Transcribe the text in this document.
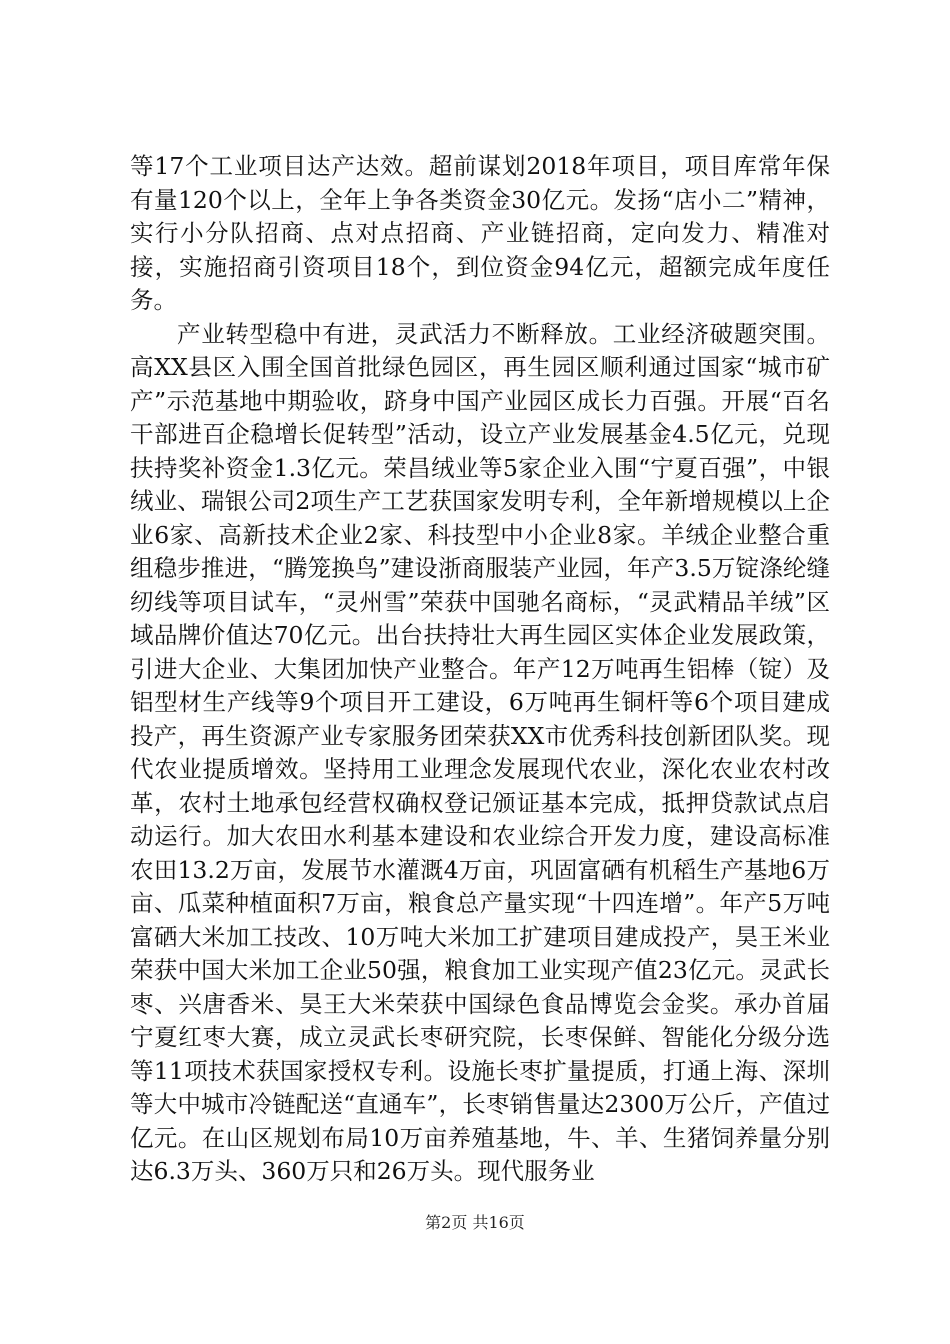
等17个工业项目达产达效。超前谋划2018年项目，项目库常年保有量120个以上，全年上争各类资金30亿元。发扬“店小二”精神，实行小分队招商、点对点招商、产业链招商，定向发力、精准对接，实施招商引资项目18个，到位资金94亿元，超额完成年度任务。

产业转型稳中有进，灵武活力不断释放。工业经济破题突围。高XX县区入围全国首批绿色园区，再生园区顺利通过国家“城市矿产”示范基地中期验收，跻身中国产业园区成长力百强。开展“百名干部进百企稳增长促转型”活动，设立产业发展基金4.5亿元，兑现扶持奖补资金1.3亿元。荣昌绒业等5家企业入围“宁夏百强”，中银绒业、瑞银公司2项生产工艺获国家发明专利，全年新增规模以上企业6家、高新技术企业2家、科技型中小企业8家。羊绒企业整合重组稳步推进，“腾笼换鸟”建设浙商服装产业园，年产3.5万锭涤纶缝纫线等项目试车，“灵州雪”荣获中国驰名商标，“灵武精品羊绒”区域品牌价值达70亿元。出台扶持壮大再生园区实体企业发展政策，引进大企业、大集团加快产业整合。年产12万吨再生铝棒（锭）及铝型材生产线等9个项目开工建设，6万吨再生铜杆等6个项目建成投产，再生资源产业专家服务团荣获XX市优秀科技创新团队奖。现代农业提质增效。坚持用工业理念发展现代农业，深化农业农村改革，农村土地承包经营权确权登记颁证基本完成，抵押贷款试点启动运行。加大农田水利基本建设和农业综合开发力度，建设高标准农田13.2万亩，发展节水灌溉4万亩，巩固富硒有机稻生产基地6万亩、瓜菜种植面积7万亩，粮食总产量实现“十四连增”。年产5万吨富硒大米加工技改、10万吨大米加工扩建项目建成投产，昊王米业荣获中国大米加工企业50强，粮食加工业实现产值23亿元。灵武长枣、兴唐香米、昊王大米荣获中国绿色食品博览会金奖。承办首届宁夏红枣大赛，成立灵武长枣研究院，长枣保鲜、智能化分级分选等11项技术获国家授权专利。设施长枣扩量提质，打通上海、深圳等大中城市冷链配送“直通车”，长枣销售量达2300万公斤，产值过亿元。在山区规划布局10万亩养殖基地，牛、羊、生猪饲养量分别达6.3万头、360万只和26万头。现代服务业

第2页 共16页
